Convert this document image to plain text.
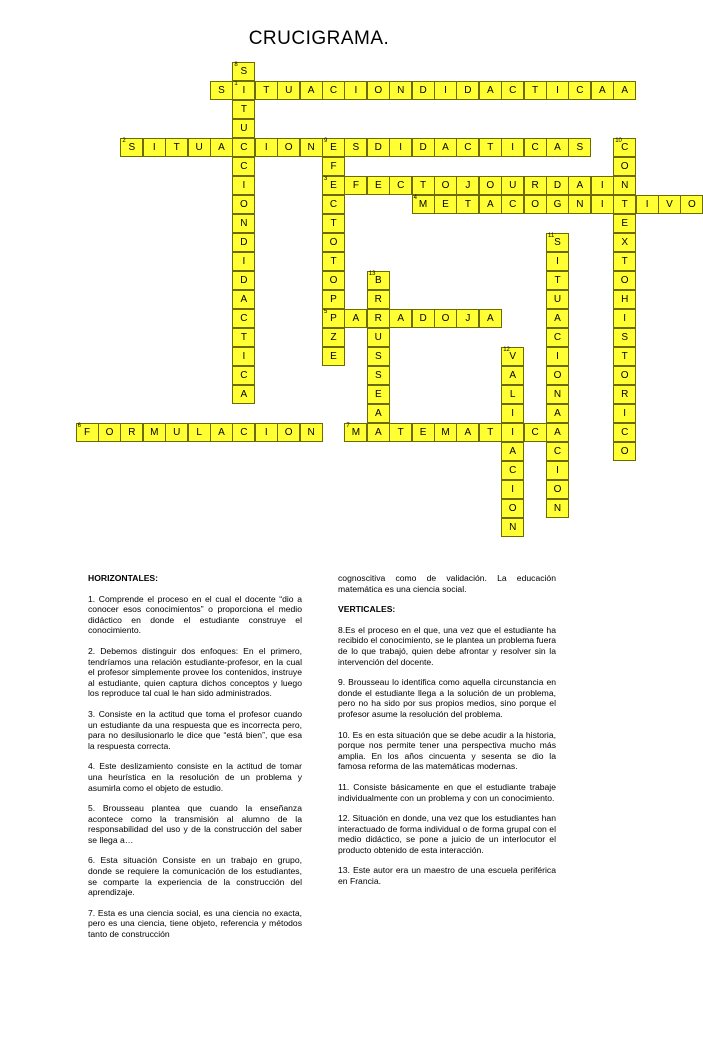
CRUCIGRAMA.
S
1
I	T	U	A	C	I	O	N	D	I	D	A	C	T	I	C	A	A
2
S	I	T	U	A	C	I	O	N
9
E	S	D	I	D	A	C	T	I	C	A	S
3
E	F	E	C	T	O	J	O	U	R	D	A	I	N
4
M	E	T	A	C	O	G	N	I	T	I	V	O
5
P	A	R	A	D	O	J	A
6
F	O	R	M	U	L	A	C	I	O	N
7
M	A	T	E	M	A	T	I	C	A
8
S
T
U
C
I
O
N
D
I
D
A
C
T
I
C
A
F
C
T
O
T
O
P
Z
E
10
C
O
E
X
T
O
H
I
S
T
O
R
I
C
O
11
S
I
T
U
A
C
I
O
N
A
C
I
O
N
12
V
A
L
I
A
C
I
O
N
13
B
R
U
S
S
E
A
HORIZONTALES:

1. Comprende el proceso en el cual el docente “dio a conocer esos conocimientos” o proporciona el medio didáctico en donde el estudiante construye el conocimiento.

2. Debemos distinguir dos enfoques: En el primero, tendríamos una relación estudiante-profesor, en la cual el profesor simplemente provee los contenidos, instruye al estudiante, quien captura dichos conceptos y luego los reproduce tal cual le han sido administrados.

3. Consiste en la actitud que toma el profesor cuando un estudiante da una respuesta que es incorrecta pero, para no desilusionarlo le dice que “está bien”, que esa la respuesta correcta.

4. Este deslizamiento consiste en la actitud de tomar una heurística en la resolución de un problema y asumirla como el objeto de estudio.

5. Brousseau plantea que cuando la enseñanza acontece como la transmisión al alumno de la responsabilidad del uso y de la construcción del saber se llega a…

6. Esta situación Consiste en un trabajo en grupo, donde se requiere la comunicación de los estudiantes, se comparte la experiencia de la construcción del aprendizaje.

7. Esta es una ciencia social, es una ciencia no exacta, pero es una ciencia, tiene objeto, referencia y métodos tanto de construcción

cognoscitiva como de validación. La educación matemática es una ciencia social.

VERTICALES:

8.Es el proceso en el que, una vez que el estudiante ha recibido el conocimiento, se le plantea un problema fuera de lo que trabajó, quien debe afrontar y resolver sin la intervención del docente.

9. Brousseau lo identifica como aquella circunstancia en donde el estudiante llega a la solución de un problema, pero no ha sido por sus propios medios, sino porque el profesor asume la resolución del problema.

10. Es en esta situación que se debe acudir a la historia, porque nos permite tener una perspectiva mucho más amplia. En los años cincuenta y sesenta se dio la famosa reforma de las matemáticas modernas.

11. Consiste básicamente en que el estudiante trabaje individualmente con un problema y con un conocimiento.

12. Situación en donde, una vez que los estudiantes han interactuado de forma individual o de forma grupal con el medio didáctico, se pone a juicio de un interlocutor el producto obtenido de esta interacción.

13. Este autor era un maestro de una escuela periférica en Francia.
